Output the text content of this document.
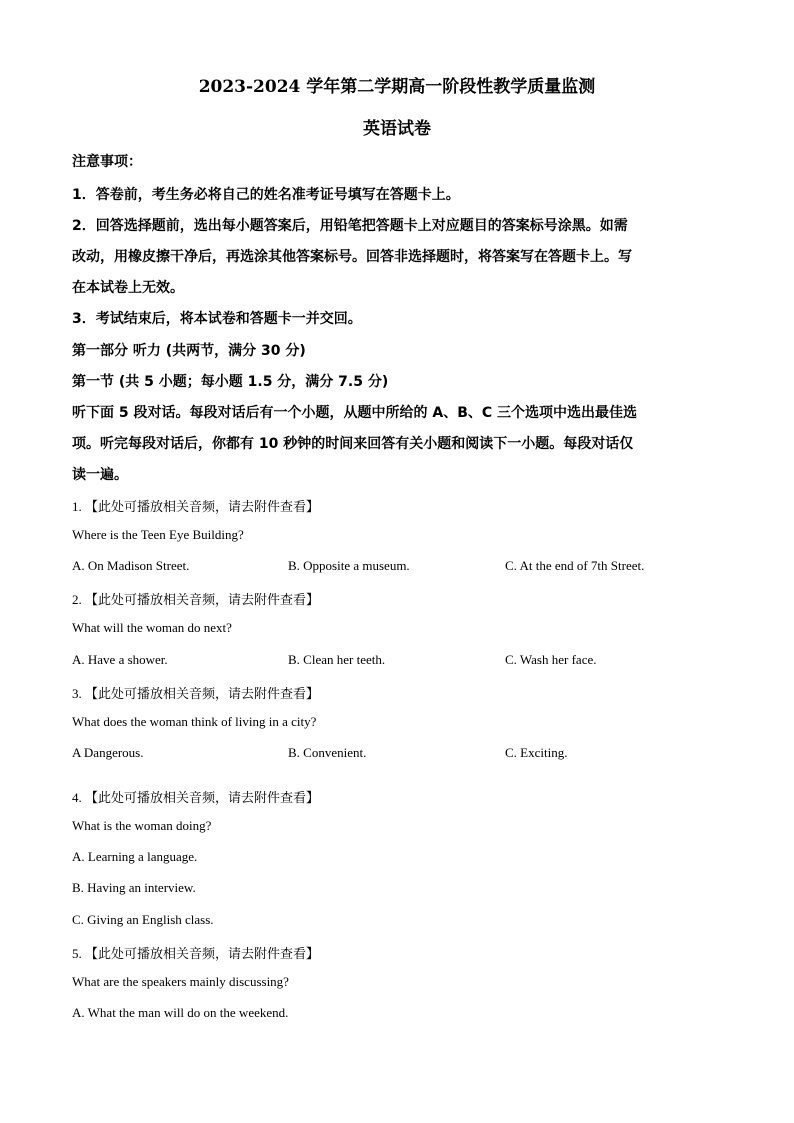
2023-2024 学年第二学期高一阶段性教学质量监测
英语试卷
注意事项：
1．答卷前，考生务必将自己的姓名准考证号填写在答题卡上。
2．回答选择题前，选出每小题答案后，用铅笔把答题卡上对应题目的答案标号涂黑。如需
改动，用橡皮擦干净后，再选涂其他答案标号。回答非选择题时，将答案写在答题卡上。写
在本试卷上无效。
3．考试结束后，将本试卷和答题卡一并交回。
第一部分 听力 (共两节，满分 30 分)
第一节 (共 5 小题；每小题 1.5 分，满分 7.5 分)
听下面 5 段对话。每段对话后有一个小题，从题中所给的 A、B、C 三个选项中选出最佳选
项。听完每段对话后，你都有 10 秒钟的时间来回答有关小题和阅读下一小题。每段对话仅
读一遍。
1. 【此处可播放相关音频，请去附件查看】
Where is the Teen Eye Building?
A. On Madison Street.	B. Opposite a museum.	C. At the end of 7th Street.
2. 【此处可播放相关音频，请去附件查看】
What will the woman do next?
A. Have a shower.	B. Clean her teeth.	C. Wash her face.
3. 【此处可播放相关音频，请去附件查看】
What does the woman think of living in a city?
A Dangerous.	B. Convenient.	C. Exciting.
4. 【此处可播放相关音频，请去附件查看】
What is the woman doing?
A. Learning a language.
B. Having an interview.
C. Giving an English class.
5. 【此处可播放相关音频，请去附件查看】
What are the speakers mainly discussing?
A. What the man will do on the weekend.
